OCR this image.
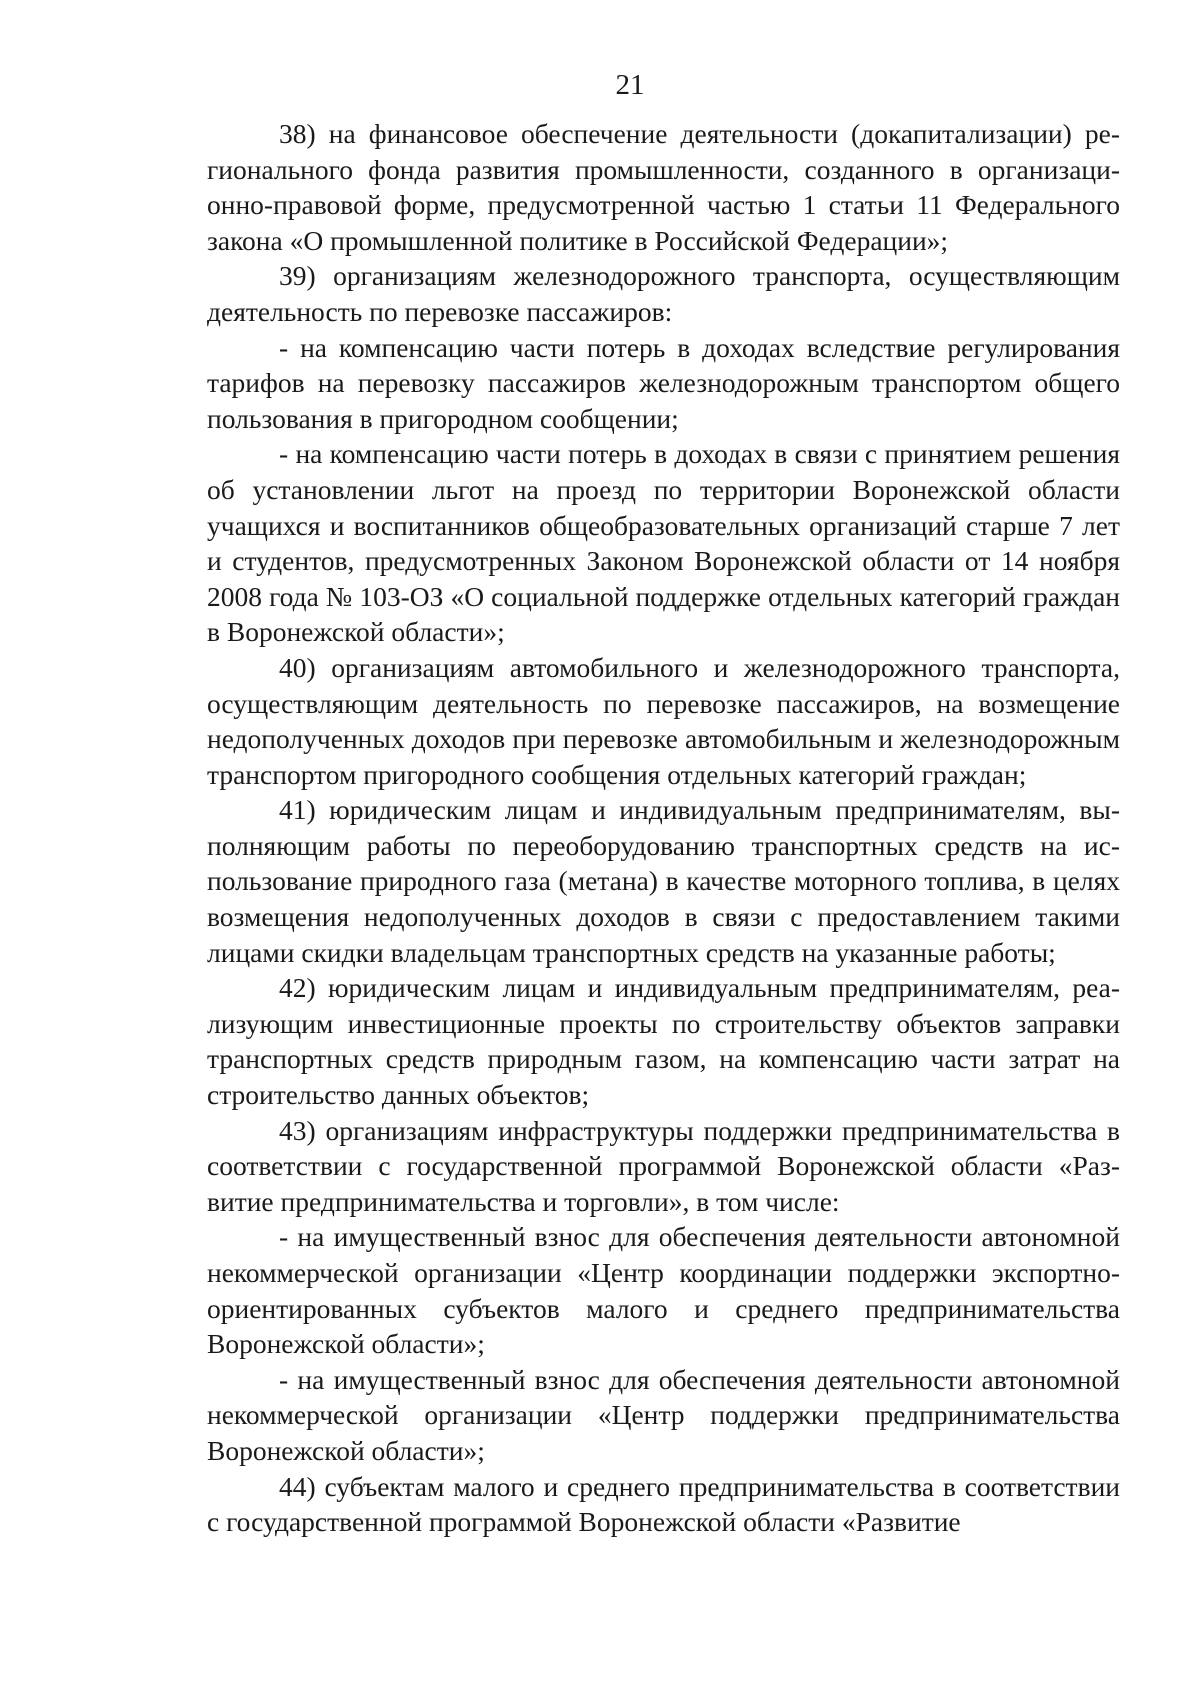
21

38) на финансовое обеспечение деятельности (докапитализации) регионального фонда развития промышленности, созданного в организационно-правовой форме, предусмотренной частью 1 статьи 11 Федерального закона «О промышленной политике в Российской Федерации»;

39) организациям железнодорожного транспорта, осуществляющим деятельность по перевозке пассажиров:

- на компенсацию части потерь в доходах вследствие регулирования тарифов на перевозку пассажиров железнодорожным транспортом общего пользования в пригородном сообщении;

- на компенсацию части потерь в доходах в связи с принятием решения об установлении льгот на проезд по территории Воронежской области учащихся и воспитанников общеобразовательных организаций старше 7 лет и студентов, предусмотренных Законом Воронежской области от 14 ноября 2008 года № 103-ОЗ «О социальной поддержке отдельных категорий граждан в Воронежской области»;

40) организациям автомобильного и железнодорожного транспорта, осуществляющим деятельность по перевозке пассажиров, на возмещение недополученных доходов при перевозке автомобильным и железнодорожным транспортом пригородного сообщения отдельных категорий граждан;

41) юридическим лицам и индивидуальным предпринимателям, выполняющим работы по переоборудованию транспортных средств на использование природного газа (метана) в качестве моторного топлива, в целях возмещения недополученных доходов в связи с предоставлением такими лицами скидки владельцам транспортных средств на указанные работы;

42) юридическим лицам и индивидуальным предпринимателям, реализующим инвестиционные проекты по строительству объектов заправки транспортных средств природным газом, на компенсацию части затрат на строительство данных объектов;

43) организациям инфраструктуры поддержки предпринимательства в соответствии с государственной программой Воронежской области «Развитие предпринимательства и торговли», в том числе:

- на имущественный взнос для обеспечения деятельности автономной некоммерческой организации «Центр координации поддержки экспортно-ориентированных субъектов малого и среднего предпринимательства Воронежской области»;

- на имущественный взнос для обеспечения деятельности автономной некоммерческой организации «Центр поддержки предпринимательства Воронежской области»;

44) субъектам малого и среднего предпринимательства в соответствии с государственной программой Воронежской области «Развитие
